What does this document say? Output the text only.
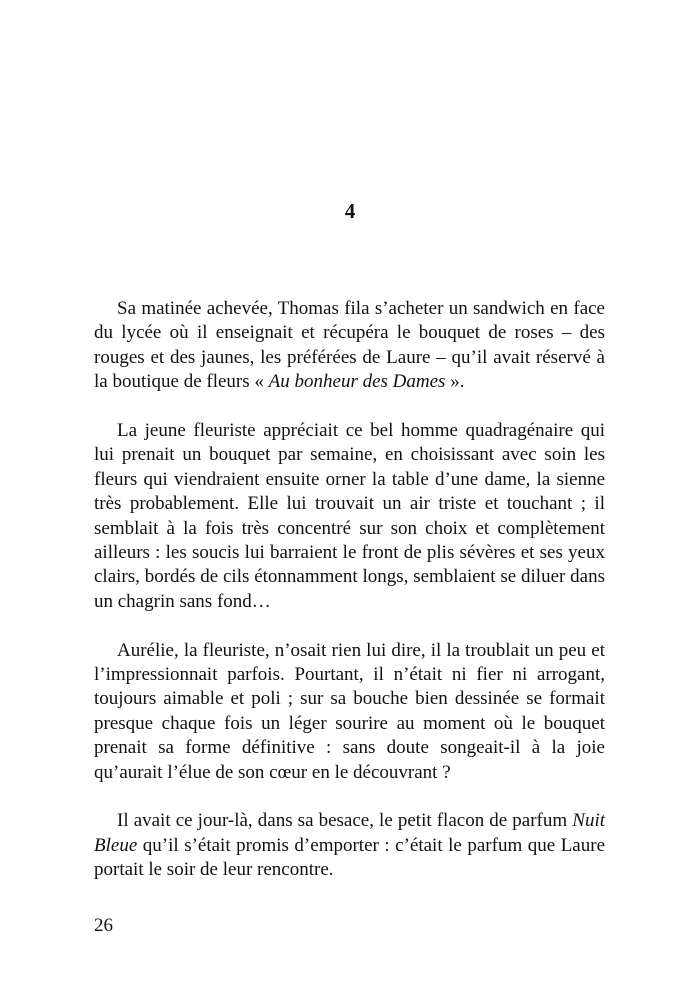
4

Sa matinée achevée, Thomas fila s’acheter un sandwich en face du lycée où il enseignait et récupéra le bouquet de roses – des rouges et des jaunes, les préférées de Laure – qu’il avait réservé à la boutique de fleurs « Au bonheur des Dames ».

La jeune fleuriste appréciait ce bel homme quadragénaire qui lui prenait un bouquet par semaine, en choisissant avec soin les fleurs qui viendraient ensuite orner la table d’une dame, la sienne très probablement. Elle lui trouvait un air triste et touchant ; il semblait à la fois très concentré sur son choix et complètement ailleurs : les soucis lui barraient le front de plis sévères et ses yeux clairs, bordés de cils étonnamment longs, semblaient se diluer dans un chagrin sans fond…

Aurélie, la fleuriste, n’osait rien lui dire, il la troublait un peu et l’impressionnait parfois. Pourtant, il n’était ni fier ni arrogant, toujours aimable et poli ; sur sa bouche bien dessinée se formait presque chaque fois un léger sourire au moment où le bouquet prenait sa forme définitive : sans doute songeait-il à la joie qu’aurait l’élue de son cœur en le découvrant ?

Il avait ce jour-là, dans sa besace, le petit flacon de parfum Nuit Bleue qu’il s’était promis d’emporter : c’était le parfum que Laure portait le soir de leur rencontre.

26
